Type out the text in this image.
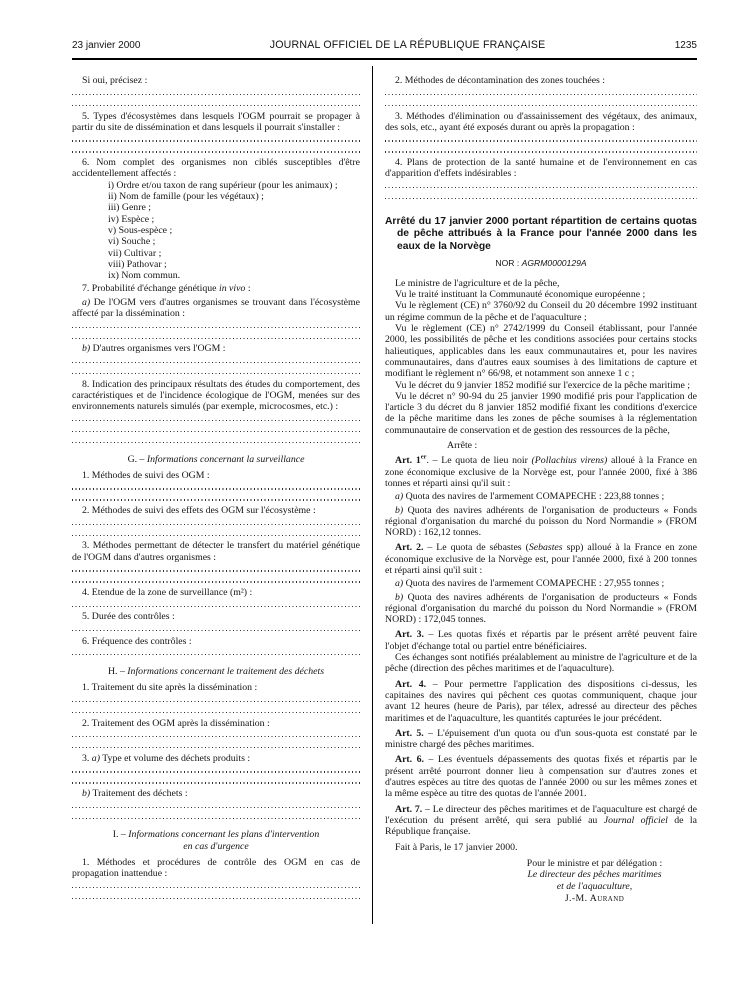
23 janvier 2000	JOURNAL OFFICIEL DE LA RÉPUBLIQUE FRANÇAISE	1235

Si oui, précisez :

5. Types d'écosystèmes dans lesquels l'OGM pourrait se propager à partir du site de dissémination et dans lesquels il pourrait s'installer :

6. Nom complet des organismes non ciblés susceptibles d'être accidentellement affectés :

i) Ordre et/ou taxon de rang supérieur (pour les animaux) ;

ii) Nom de famille (pour les végétaux) ;

iii) Genre ;

iv) Espèce ;

v) Sous-espèce ;

vi) Souche ;

vii) Cultivar ;

viii) Pathovar ;

ix) Nom commun.

7. Probabilité d'échange génétique in vivo :

a) De l'OGM vers d'autres organismes se trouvant dans l'écosystème affecté par la dissémination :

b) D'autres organismes vers l'OGM :

8. Indication des principaux résultats des études du comportement, des caractéristiques et de l'incidence écologique de l'OGM, menées sur des environnements naturels simulés (par exemple, microcosmes, etc.) :

G. – Informations concernant la surveillance

1. Méthodes de suivi des OGM :

2. Méthodes de suivi des effets des OGM sur l'écosystème :

3. Méthodes permettant de détecter le transfert du matériel génétique de l'OGM dans d'autres organismes :

4. Etendue de la zone de surveillance (m²) :

5. Durée des contrôles :

6. Fréquence des contrôles :

H. – Informations concernant le traitement des déchets

1. Traitement du site après la dissémination :

2. Traitement des OGM après la dissémination :

3. a) Type et volume des déchets produits :

b) Traitement des déchets :

I. – Informations concernant les plans d'intervention
en cas d'urgence

1. Méthodes et procédures de contrôle des OGM en cas de propagation inattendue :

2. Méthodes de décontamination des zones touchées :

3. Méthodes d'élimination ou d'assainissement des végétaux, des animaux, des sols, etc., ayant été exposés durant ou après la propagation :

4. Plans de protection de la santé humaine et de l'environnement en cas d'apparition d'effets indésirables :

Arrêté du 17 janvier 2000 portant répartition de certains quotas de pêche attribués à la France pour l'année 2000 dans les eaux de la Norvège

NOR : AGRM0000129A

Le ministre de l'agriculture et de la pêche,

Vu le traité instituant la Communauté économique européenne ;

Vu le règlement (CE) n° 3760/92 du Conseil du 20 décembre 1992 instituant un régime commun de la pêche et de l'aquaculture ;

Vu le règlement (CE) n° 2742/1999 du Conseil établissant, pour l'année 2000, les possibilités de pêche et les conditions associées pour certains stocks halieutiques, applicables dans les eaux communautaires et, pour les navires communautaires, dans d'autres eaux soumises à des limitations de capture et modifiant le règlement n° 66/98, et notamment son annexe 1 c ;

Vu le décret du 9 janvier 1852 modifié sur l'exercice de la pêche maritime ;

Vu le décret n° 90-94 du 25 janvier 1990 modifié pris pour l'application de l'article 3 du décret du 8 janvier 1852 modifié fixant les conditions d'exercice de la pêche maritime dans les zones de pêche soumises à la réglementation communautaire de conservation et de gestion des ressources de la pêche,

Arrête :

Art. 1er. – Le quota de lieu noir (Pollachius virens) alloué à la France en zone économique exclusive de la Norvège est, pour l'année 2000, fixé à 386 tonnes et réparti ainsi qu'il suit :

a) Quota des navires de l'armement COMAPECHE : 223,88 tonnes ;

b) Quota des navires adhérents de l'organisation de producteurs « Fonds régional d'organisation du marché du poisson du Nord Normandie » (FROM NORD) : 162,12 tonnes.

Art. 2. – Le quota de sébastes (Sebastes spp) alloué à la France en zone économique exclusive de la Norvège est, pour l'année 2000, fixé à 200 tonnes et réparti ainsi qu'il suit :

a) Quota des navires de l'armement COMAPECHE : 27,955 tonnes ;

b) Quota des navires adhérents de l'organisation de producteurs « Fonds régional d'organisation du marché du poisson du Nord Normandie » (FROM NORD) : 172,045 tonnes.

Art. 3. – Les quotas fixés et répartis par le présent arrêté peuvent faire l'objet d'échange total ou partiel entre bénéficiaires.

Ces échanges sont notifiés préalablement au ministre de l'agriculture et de la pêche (direction des pêches maritimes et de l'aquaculture).

Art. 4. – Pour permettre l'application des dispositions ci-dessus, les capitaines des navires qui pêchent ces quotas communiquent, chaque jour avant 12 heures (heure de Paris), par télex, adressé au directeur des pêches maritimes et de l'aquaculture, les quantités capturées le jour précédent.

Art. 5. – L'épuisement d'un quota ou d'un sous-quota est constaté par le ministre chargé des pêches maritimes.

Art. 6. – Les éventuels dépassements des quotas fixés et répartis par le présent arrêté pourront donner lieu à compensation sur d'autres zones et d'autres espèces au titre des quotas de l'année 2000 ou sur les mêmes zones et la même espèce au titre des quotas de l'année 2001.

Art. 7. – Le directeur des pêches maritimes et de l'aquaculture est chargé de l'exécution du présent arrêté, qui sera publié au Journal officiel de la République française.

Fait à Paris, le 17 janvier 2000.

Pour le ministre et par délégation :
Le directeur des pêches maritimes
et de l'aquaculture,
J.-M. Aurand
